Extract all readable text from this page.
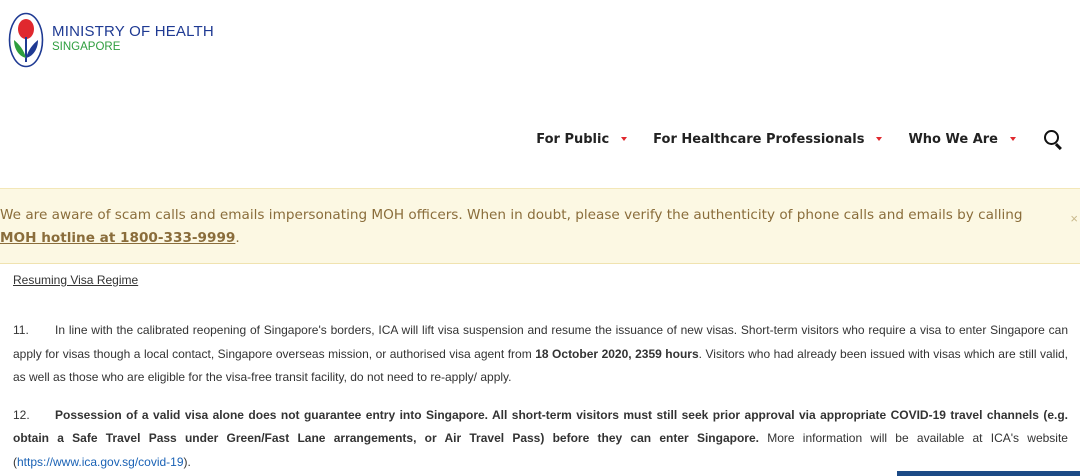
MINISTRY OF HEALTH
SINGAPORE
For Public	For Healthcare Professionals	Who We Are

We are aware of scam calls and emails impersonating MOH officers. When in doubt, please verify the authenticity of phone calls and emails by calling MOH hotline at 1800-333-9999.

×
Resuming Visa Regime

11. In line with the calibrated reopening of Singapore's borders, ICA will lift visa suspension and resume the issuance of new visas. Short-term visitors who require a visa to enter Singapore can apply for visas though a local contact, Singapore overseas mission, or authorised visa agent from 18 October 2020, 2359 hours. Visitors who had already been issued with visas which are still valid, as well as those who are eligible for the visa-free transit facility, do not need to re-apply/ apply.

12. Possession of a valid visa alone does not guarantee entry into Singapore. All short-term visitors must still seek prior approval via appropriate COVID-19 travel channels (e.g. obtain a Safe Travel Pass under Green/Fast Lane arrangements, or Air Travel Pass) before they can enter Singapore. More information will be available at ICA's website (https://www.ica.gov.sg/covid-19).
